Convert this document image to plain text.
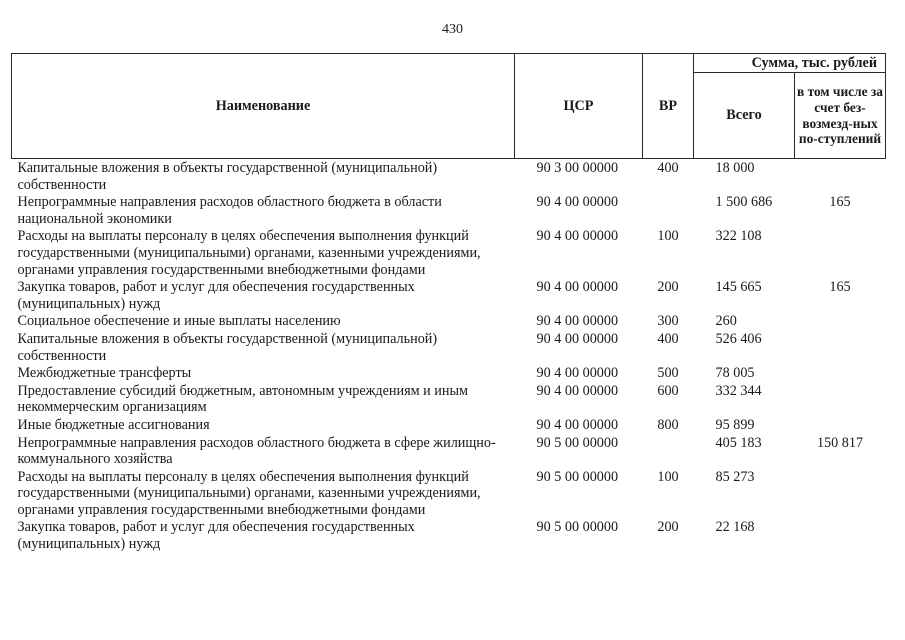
430
Наименование	ЦСР	ВР	Сумма, тыс. рублей	
			Всего	в том числе за счет без-возмезд-ных по-ступлений
Капитальные вложения в объекты государственной (муниципальной) собственности	90 3 00 00000	400	18 000	
Непрограммные направления расходов областного бюджета в области национальной экономики	90 4 00 00000		1 500 686	165
Расходы на выплаты персоналу в целях обеспечения выполнения функций государственными (муниципальными) органами, казенными учреждениями, органами управления государственными внебюджетными фондами	90 4 00 00000	100	322 108	
Закупка товаров, работ и услуг для обеспечения государственных (муниципальных) нужд	90 4 00 00000	200	145 665	165
Социальное обеспечение и иные выплаты населению	90 4 00 00000	300	260	
Капитальные вложения в объекты государственной (муниципальной) собственности	90 4 00 00000	400	526 406	
Межбюджетные трансферты	90 4 00 00000	500	78 005	
Предоставление субсидий бюджетным, автономным учреждениям и иным некоммерческим организациям	90 4 00 00000	600	332 344	
Иные бюджетные ассигнования	90 4 00 00000	800	95 899	
Непрограммные направления расходов областного бюджета в сфере жилищно-коммунального хозяйства	90 5 00 00000		405 183	150 817
Расходы на выплаты персоналу в целях обеспечения выполнения функций государственными (муниципальными) органами, казенными учреждениями, органами управления государственными внебюджетными фондами	90 5 00 00000	100	85 273	
Закупка товаров, работ и услуг для обеспечения государственных (муниципальных) нужд	90 5 00 00000	200	22 168	
